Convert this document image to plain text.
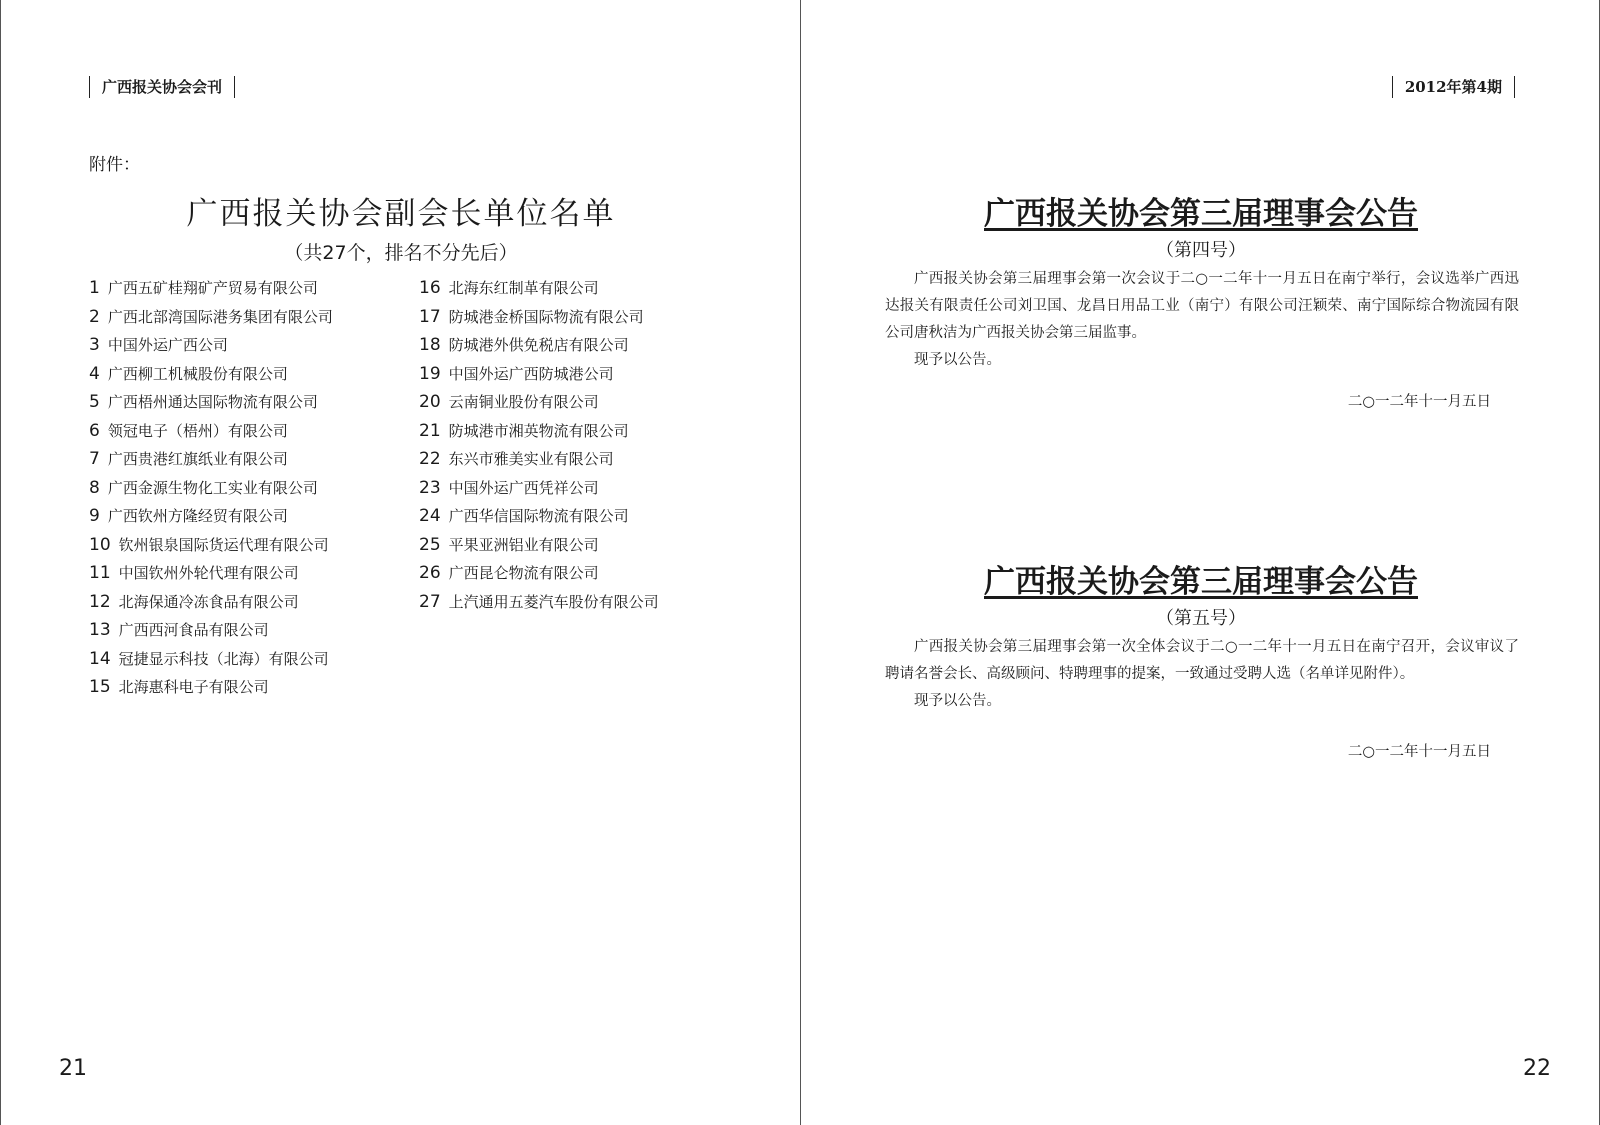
广西报关协会会刊
附件：
广西报关协会副会长单位名单
（共27个，排名不分先后）
1 广西五矿桂翔矿产贸易有限公司
2 广西北部湾国际港务集团有限公司
3 中国外运广西公司
4 广西柳工机械股份有限公司
5 广西梧州通达国际物流有限公司
6 领冠电子（梧州）有限公司
7 广西贵港红旗纸业有限公司
8 广西金源生物化工实业有限公司
9 广西钦州方隆经贸有限公司
10 钦州银泉国际货运代理有限公司
11 中国钦州外轮代理有限公司
12 北海保通冷冻食品有限公司
13 广西西河食品有限公司
14 冠捷显示科技（北海）有限公司
15 北海惠科电子有限公司
16 北海东红制革有限公司
17 防城港金桥国际物流有限公司
18 防城港外供免税店有限公司
19 中国外运广西防城港公司
20 云南铜业股份有限公司
21 防城港市湘英物流有限公司
22 东兴市雅美实业有限公司
23 中国外运广西凭祥公司
24 广西华信国际物流有限公司
25 平果亚洲铝业有限公司
26 广西昆仑物流有限公司
27 上汽通用五菱汽车股份有限公司
21
2012年第4期
广西报关协会第三届理事会公告
（第四号）
广西报关协会第三届理事会第一次会议于二○一二年十一月五日在南宁举行，会议选举广西迅达报关有限责任公司刘卫国、龙昌日用品工业（南宁）有限公司汪颖荣、南宁国际综合物流园有限公司唐秋洁为广西报关协会第三届监事。
现予以公告。
二○一二年十一月五日
广西报关协会第三届理事会公告
（第五号）
广西报关协会第三届理事会第一次全体会议于二○一二年十一月五日在南宁召开，会议审议了聘请名誉会长、高级顾问、特聘理事的提案，一致通过受聘人选（名单详见附件）。
现予以公告。
二○一二年十一月五日
22
